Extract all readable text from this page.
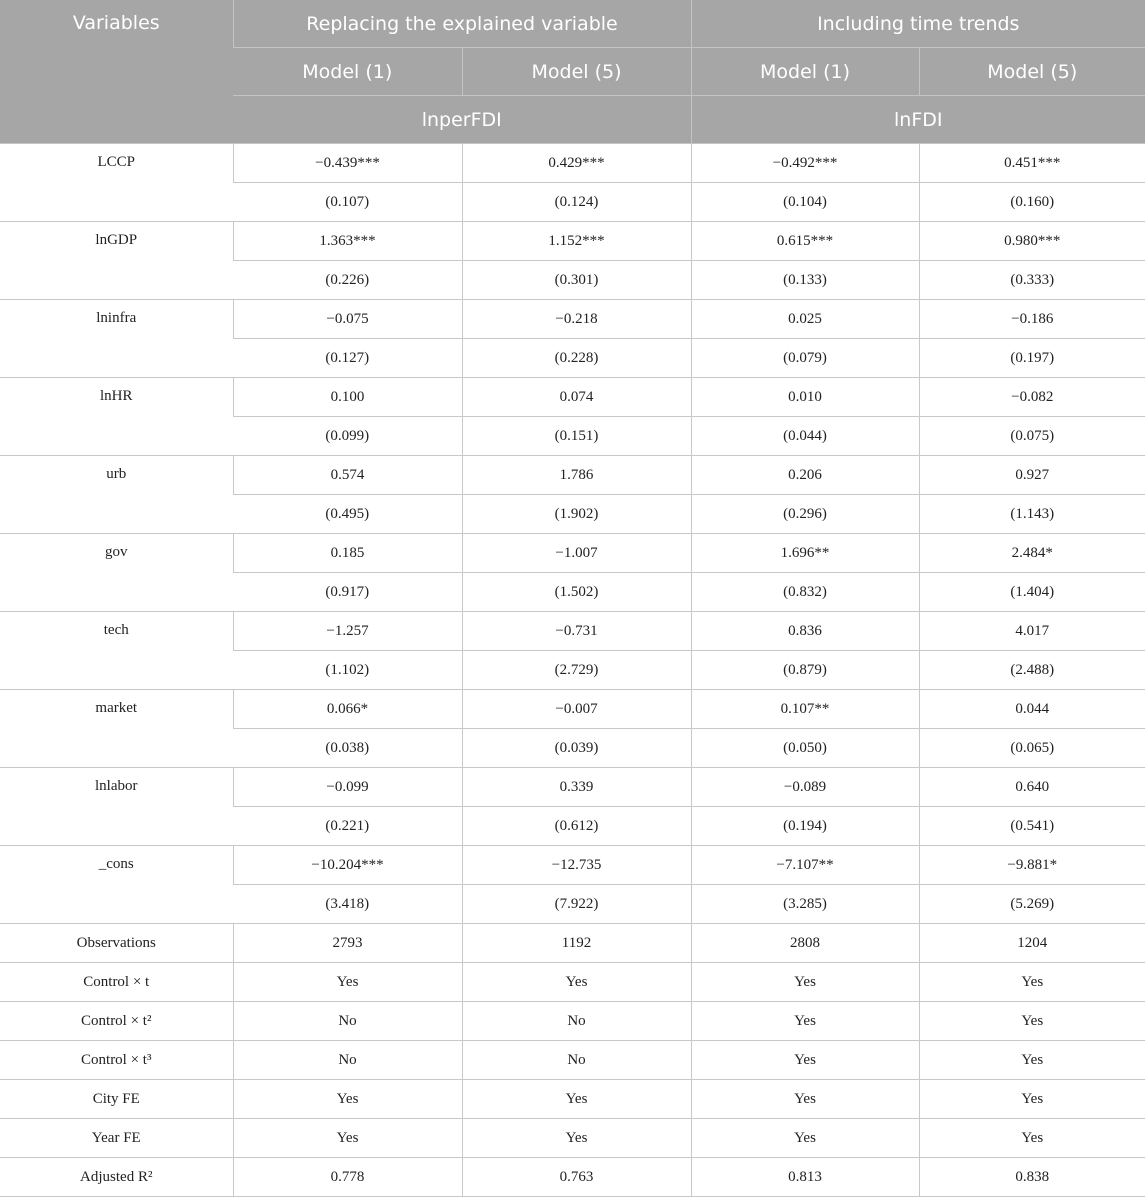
Variables	Replacing the explained variable		Including time trends	
	Model (1)	Model (5)	Model (1)	Model (5)
	lnperFDI		lnFDI	
LCCP	−0.439***	0.429***	−0.492***	0.451***
	(0.107)	(0.124)	(0.104)	(0.160)
lnGDP	1.363***	1.152***	0.615***	0.980***
	(0.226)	(0.301)	(0.133)	(0.333)
lninfra	−0.075	−0.218	0.025	−0.186
	(0.127)	(0.228)	(0.079)	(0.197)
lnHR	0.100	0.074	0.010	−0.082
	(0.099)	(0.151)	(0.044)	(0.075)
urb	0.574	1.786	0.206	0.927
	(0.495)	(1.902)	(0.296)	(1.143)
gov	0.185	−1.007	1.696**	2.484*
	(0.917)	(1.502)	(0.832)	(1.404)
tech	−1.257	−0.731	0.836	4.017
	(1.102)	(2.729)	(0.879)	(2.488)
market	0.066*	−0.007	0.107**	0.044
	(0.038)	(0.039)	(0.050)	(0.065)
lnlabor	−0.099	0.339	−0.089	0.640
	(0.221)	(0.612)	(0.194)	(0.541)
_cons	−10.204***	−12.735	−7.107**	−9.881*
	(3.418)	(7.922)	(3.285)	(5.269)
Observations	2793	1192	2808	1204
Control × t	Yes	Yes	Yes	Yes
Control × t²	No	No	Yes	Yes
Control × t³	No	No	Yes	Yes
City FE	Yes	Yes	Yes	Yes
Year FE	Yes	Yes	Yes	Yes
Adjusted R²	0.778	0.763	0.813	0.838
